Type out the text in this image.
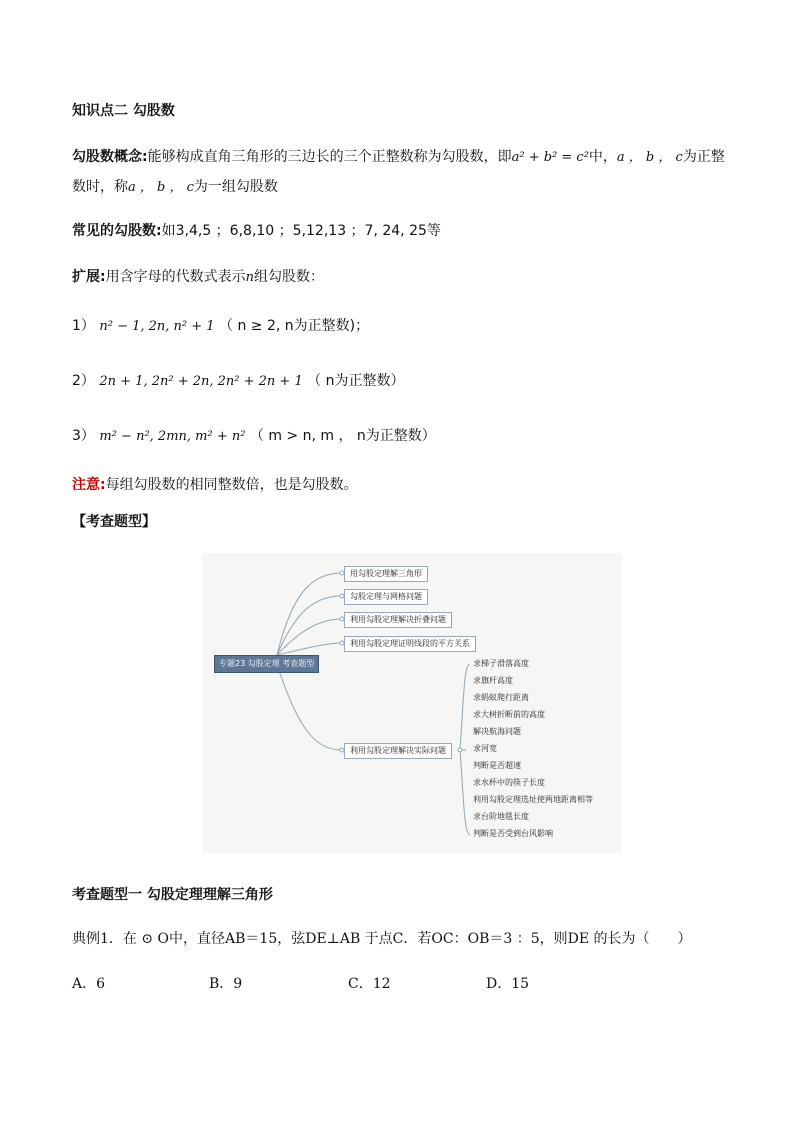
知识点二 勾股数
勾股数概念:能够构成直角三角形的三边长的三个正整数称为勾股数，即a² + b² = c²中，a ， b ， c为正整
数时，称a ， b ， c为一组勾股数
常见的勾股数:如3,4,5 ；6,8,10 ；5,12,13 ；7, 24, 25等
扩展:用含字母的代数式表示n组勾股数：
1） n² − 1, 2n, n² + 1 （ n ≥ 2, n为正整数)；
2） 2n + 1, 2n² + 2n, 2n² + 2n + 1 （ n为正整数）
3） m² − n², 2mn, m² + n² （ m > n, m ， n为正整数）
注意:每组勾股数的相同整数倍，也是勾股数。
【考查题型】
专题23 勾股定理 考查题型
用勾股定理解三角形
勾股定理与网格问题
利用勾股定理解决折叠问题
利用勾股定理证明线段的平方关系
利用勾股定理解决实际问题
求梯子滑落高度
求旗杆高度
求蚂蚁爬行距离
求大树折断前的高度
解决航海问题
求河宽
判断是否超速
求水杯中的筷子长度
利用勾股定理选址使两地距离相等
求台阶地毯长度
判断是否受到台风影响
考查题型一 勾股定理理解三角形
典例1．在 ⊙ O中，直径AB＝15，弦DE⊥AB 于点C．若OC：OB＝3 ：5，则DE 的长为（　　）
A．6	B．9	C．12	D．15
